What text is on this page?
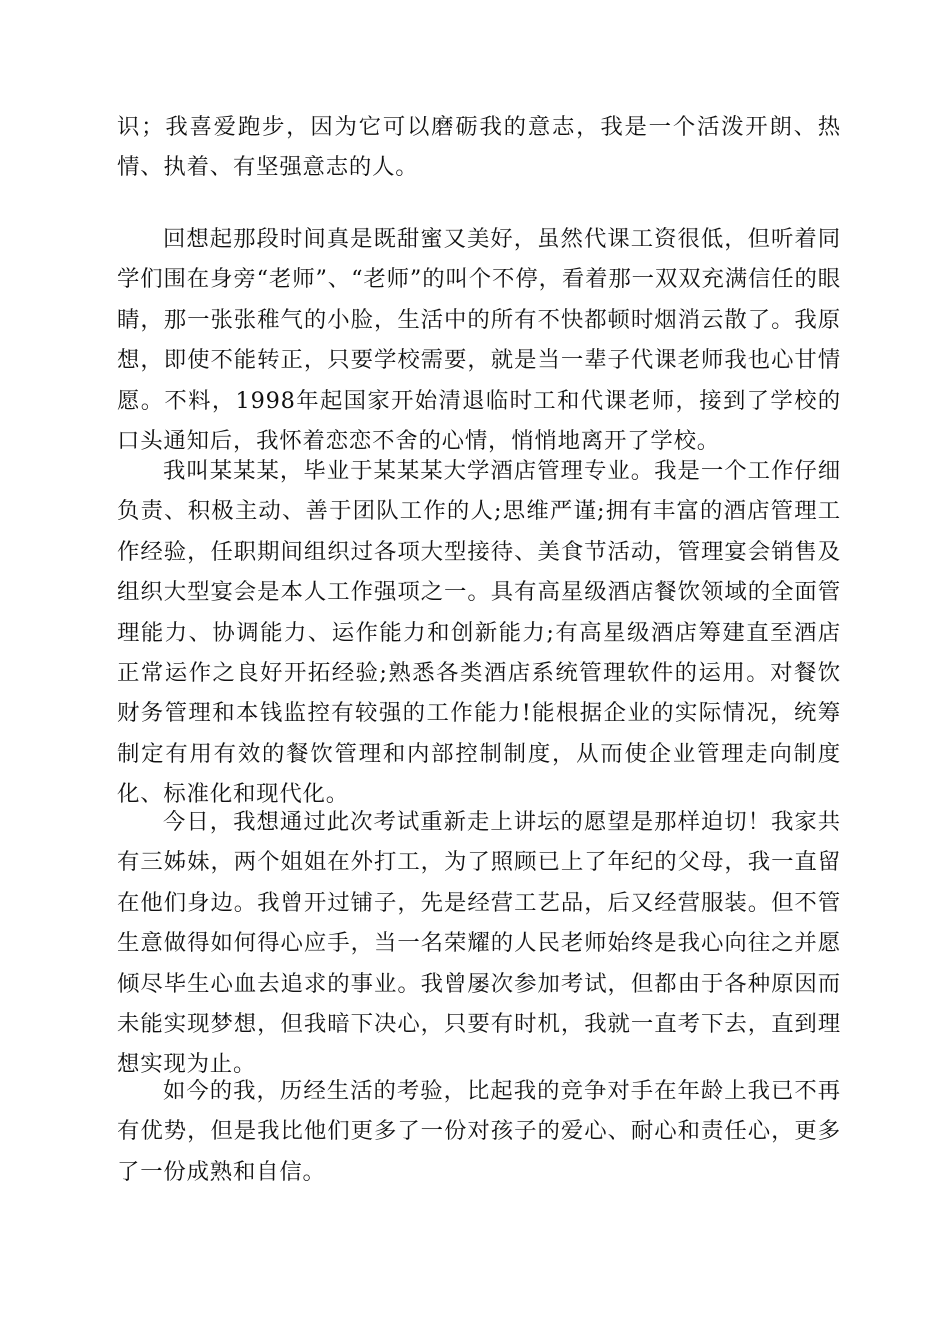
识；我喜爱跑步，因为它可以磨砺我的意志，我是一个活泼开朗、热情、执着、有坚强意志的人。

回想起那段时间真是既甜蜜又美好，虽然代课工资很低，但听着同学们围在身旁“老师”、“老师”的叫个不停，看着那一双双充满信任的眼睛，那一张张稚气的小脸，生活中的所有不快都顿时烟消云散了。我原想，即使不能转正，只要学校需要，就是当一辈子代课老师我也心甘情愿。不料，1998年起国家开始清退临时工和代课老师，接到了学校的口头通知后，我怀着恋恋不舍的心情，悄悄地离开了学校。

我叫某某某，毕业于某某某大学酒店管理专业。我是一个工作仔细负责、积极主动、善于团队工作的人;思维严谨;拥有丰富的酒店管理工作经验，任职期间组织过各项大型接待、美食节活动，管理宴会销售及组织大型宴会是本人工作强项之一。具有高星级酒店餐饮领域的全面管理能力、协调能力、运作能力和创新能力;有高星级酒店筹建直至酒店正常运作之良好开拓经验;熟悉各类酒店系统管理软件的运用。对餐饮财务管理和本钱监控有较强的工作能力!能根据企业的实际情况，统筹制定有用有效的餐饮管理和内部控制制度，从而使企业管理走向制度化、标准化和现代化。

今日，我想通过此次考试重新走上讲坛的愿望是那样迫切！我家共有三姊妹，两个姐姐在外打工，为了照顾已上了年纪的父母，我一直留在他们身边。我曾开过铺子，先是经营工艺品，后又经营服装。但不管生意做得如何得心应手，当一名荣耀的人民老师始终是我心向往之并愿倾尽毕生心血去追求的事业。我曾屡次参加考试，但都由于各种原因而未能实现梦想，但我暗下决心，只要有时机，我就一直考下去，直到理想实现为止。

如今的我，历经生活的考验，比起我的竞争对手在年龄上我已不再有优势，但是我比他们更多了一份对孩子的爱心、耐心和责任心，更多了一份成熟和自信。
